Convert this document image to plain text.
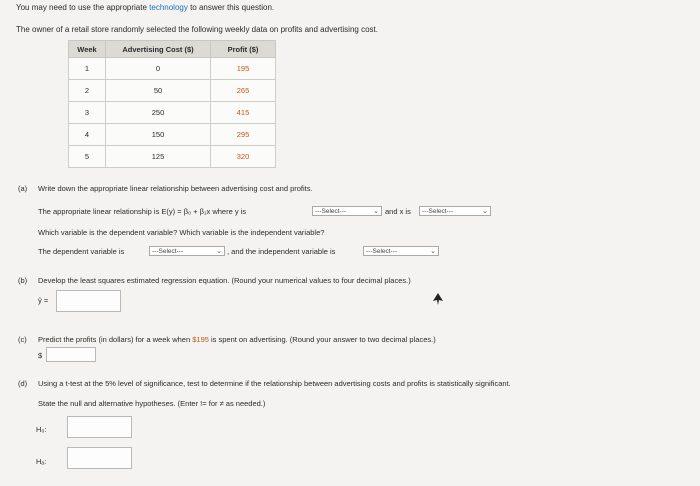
You may need to use the appropriate technology to answer this question.
The owner of a retail store randomly selected the following weekly data on profits and advertising cost.
Week	Advertising Cost ($)	Profit ($)
1	0	195
2	50	265
3	250	415
4	150	295
5	125	320
(a) Write down the appropriate linear relationship between advertising cost and profits.
The appropriate linear relationship is E(y) = β₀ + β₁x where y is	---Select---	⌄ and x is	---Select---	⌄
Which variable is the dependent variable? Which variable is the independent variable?
The dependent variable is	---Select---	⌄ , and the independent variable is	---Select---	⌄
(b) Develop the least squares estimated regression equation. (Round your numerical values to four decimal places.)
ŷ =
(c) Predict the profits (in dollars) for a week when $195 is spent on advertising. (Round your answer to two decimal places.)
$
(d) Using a t-test at the 5% level of significance, test to determine if the relationship between advertising costs and profits is statistically significant.
State the null and alternative hypotheses. (Enter != for ≠ as needed.)
H₀:
Hₐ:
